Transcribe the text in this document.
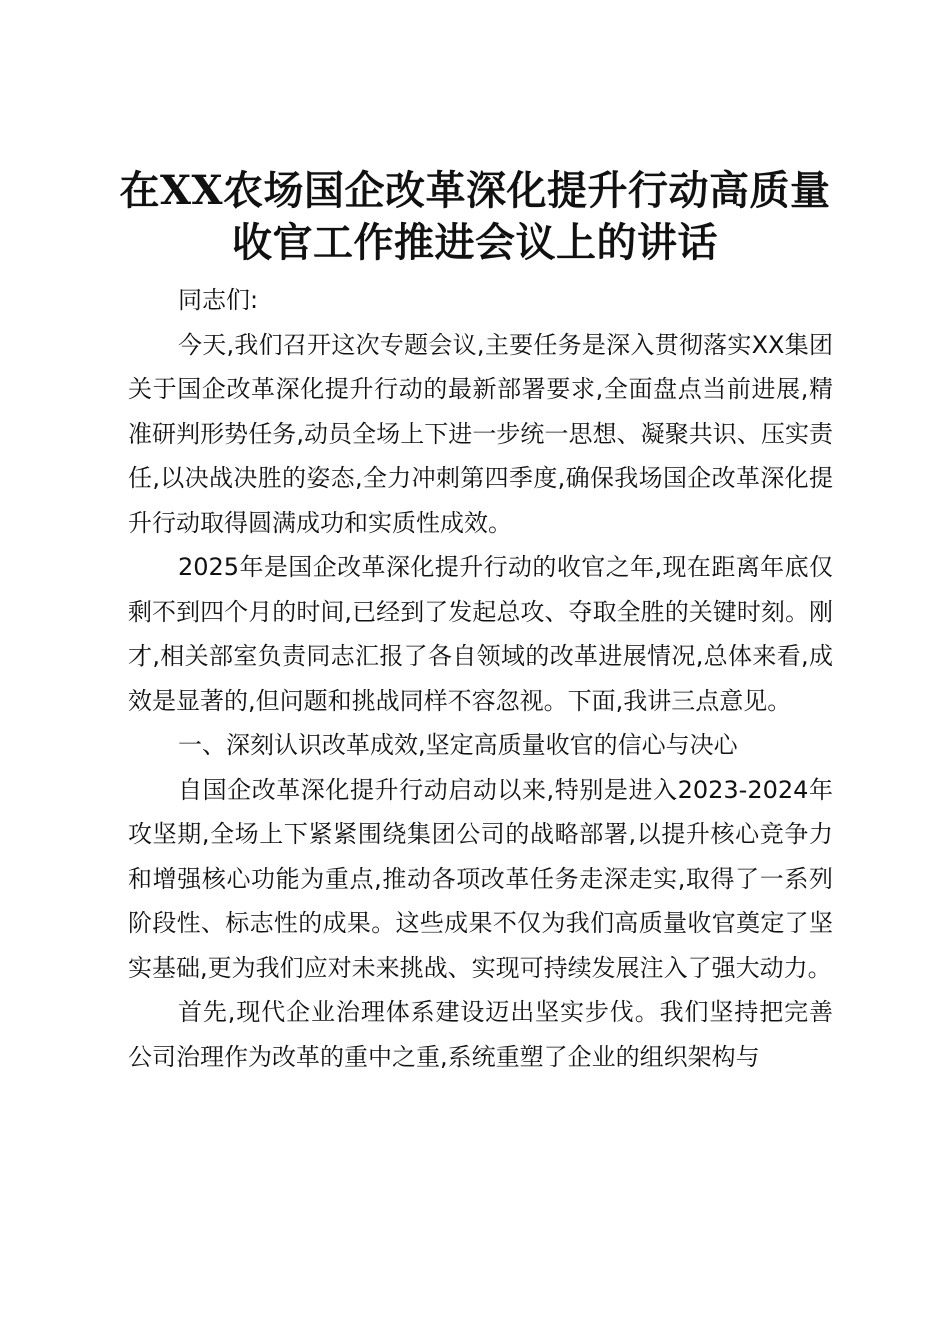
在XX农场国企改革深化提升行动高质量收官工作推进会议上的讲话

同志们:

今天,我们召开这次专题会议,主要任务是深入贯彻落实XX集团关于国企改革深化提升行动的最新部署要求,全面盘点当前进展,精准研判形势任务,动员全场上下进一步统一思想、凝聚共识、压实责任,以决战决胜的姿态,全力冲刺第四季度,确保我场国企改革深化提升行动取得圆满成功和实质性成效。

2025年是国企改革深化提升行动的收官之年,现在距离年底仅剩不到四个月的时间,已经到了发起总攻、夺取全胜的关键时刻。刚才,相关部室负责同志汇报了各自领域的改革进展情况,总体来看,成效是显著的,但问题和挑战同样不容忽视。下面,我讲三点意见。

一、深刻认识改革成效,坚定高质量收官的信心与决心

自国企改革深化提升行动启动以来,特别是进入2023-2024年攻坚期,全场上下紧紧围绕集团公司的战略部署,以提升核心竞争力和增强核心功能为重点,推动各项改革任务走深走实,取得了一系列阶段性、标志性的成果。这些成果不仅为我们高质量收官奠定了坚实基础,更为我们应对未来挑战、实现可持续发展注入了强大动力。

首先,现代企业治理体系建设迈出坚实步伐。我们坚持把完善公司治理作为改革的重中之重,系统重塑了企业的组织架构与
